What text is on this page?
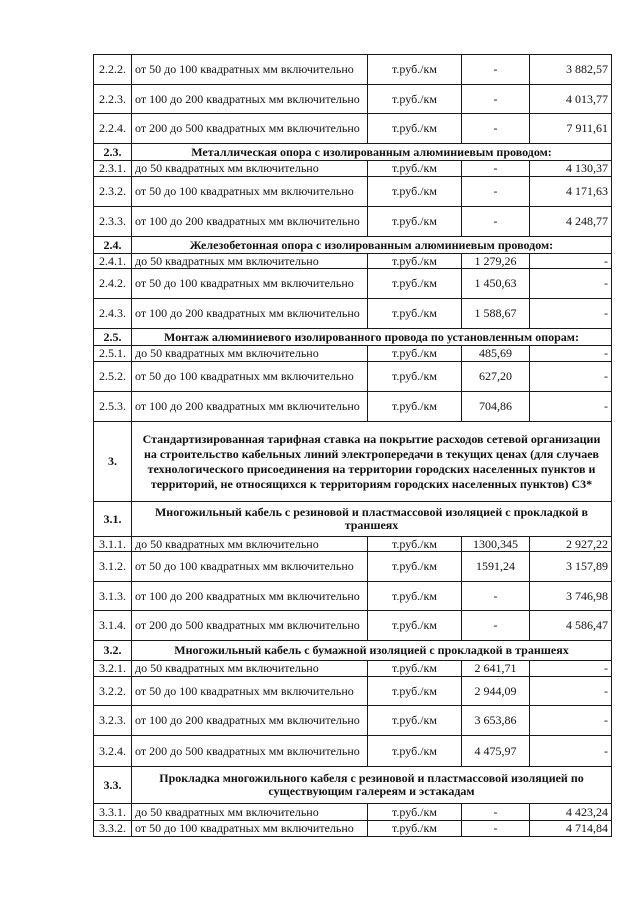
2.2.2.	от 50 до 100 квадратных мм включительно	т.руб./км	-	3 882,57
2.2.3.	от 100 до 200 квадратных мм включительно	т.руб./км	-	4 013,77
2.2.4.	от 200 до 500 квадратных мм включительно	т.руб./км	-	7 911,61
2.3.	Металлическая опора с изолированным алюминиевым проводом:			
2.3.1.	до 50 квадратных мм включительно	т.руб./км	-	4 130,37
2.3.2.	от 50 до 100 квадратных мм включительно	т.руб./км	-	4 171,63
2.3.3.	от 100 до 200 квадратных мм включительно	т.руб./км	-	4 248,77
2.4.	Железобетонная опора с изолированным алюминиевым проводом:			
2.4.1.	до 50 квадратных мм включительно	т.руб./км	1 279,26	-
2.4.2.	от 50 до 100 квадратных мм включительно	т.руб./км	1 450,63	-
2.4.3.	от 100 до 200 квадратных мм включительно	т.руб./км	1 588,67	-
2.5.	Монтаж алюминиевого изолированного провода по установленным опорам:			
2.5.1.	до 50 квадратных мм включительно	т.руб./км	485,69	-
2.5.2.	от 50 до 100 квадратных мм включительно	т.руб./км	627,20	-
2.5.3.	от 100 до 200 квадратных мм включительно	т.руб./км	704,86	-
3.	Стандартизированная тарифная ставка на покрытие расходов сетевой организации на строительство кабельных линий электропередачи в текущих ценах (для случаев технологического присоединения на территории городских населенных пунктов и территорий, не относящихся к территориям городских населенных пунктов) С3*			
3.1.	Многожильный кабель с резиновой и пластмассовой изоляцией с прокладкой в траншеях			
3.1.1.	до 50 квадратных мм включительно	т.руб./км	1300,345	2 927,22
3.1.2.	от 50 до 100 квадратных мм включительно	т.руб./км	1591,24	3 157,89
3.1.3.	от 100 до 200 квадратных мм включительно	т.руб./км	-	3 746,98
3.1.4.	от 200 до 500 квадратных мм включительно	т.руб./км	-	4 586,47
3.2.	Многожильный кабель с бумажной изоляцией с прокладкой в траншеях			
3.2.1.	до 50 квадратных мм включительно	т.руб./км	2 641,71	-
3.2.2.	от 50 до 100 квадратных мм включительно	т.руб./км	2 944,09	-
3.2.3.	от 100 до 200 квадратных мм включительно	т.руб./км	3 653,86	-
3.2.4.	от 200 до 500 квадратных мм включительно	т.руб./км	4 475,97	-
3.3.	Прокладка многожильного кабеля с резиновой и пластмассовой изоляцией по существующим галереям и эстакадам			
3.3.1.	до 50 квадратных мм включительно	т.руб./км	-	4 423,24
3.3.2.	от 50 до 100 квадратных мм включительно	т.руб./км	-	4 714,84
